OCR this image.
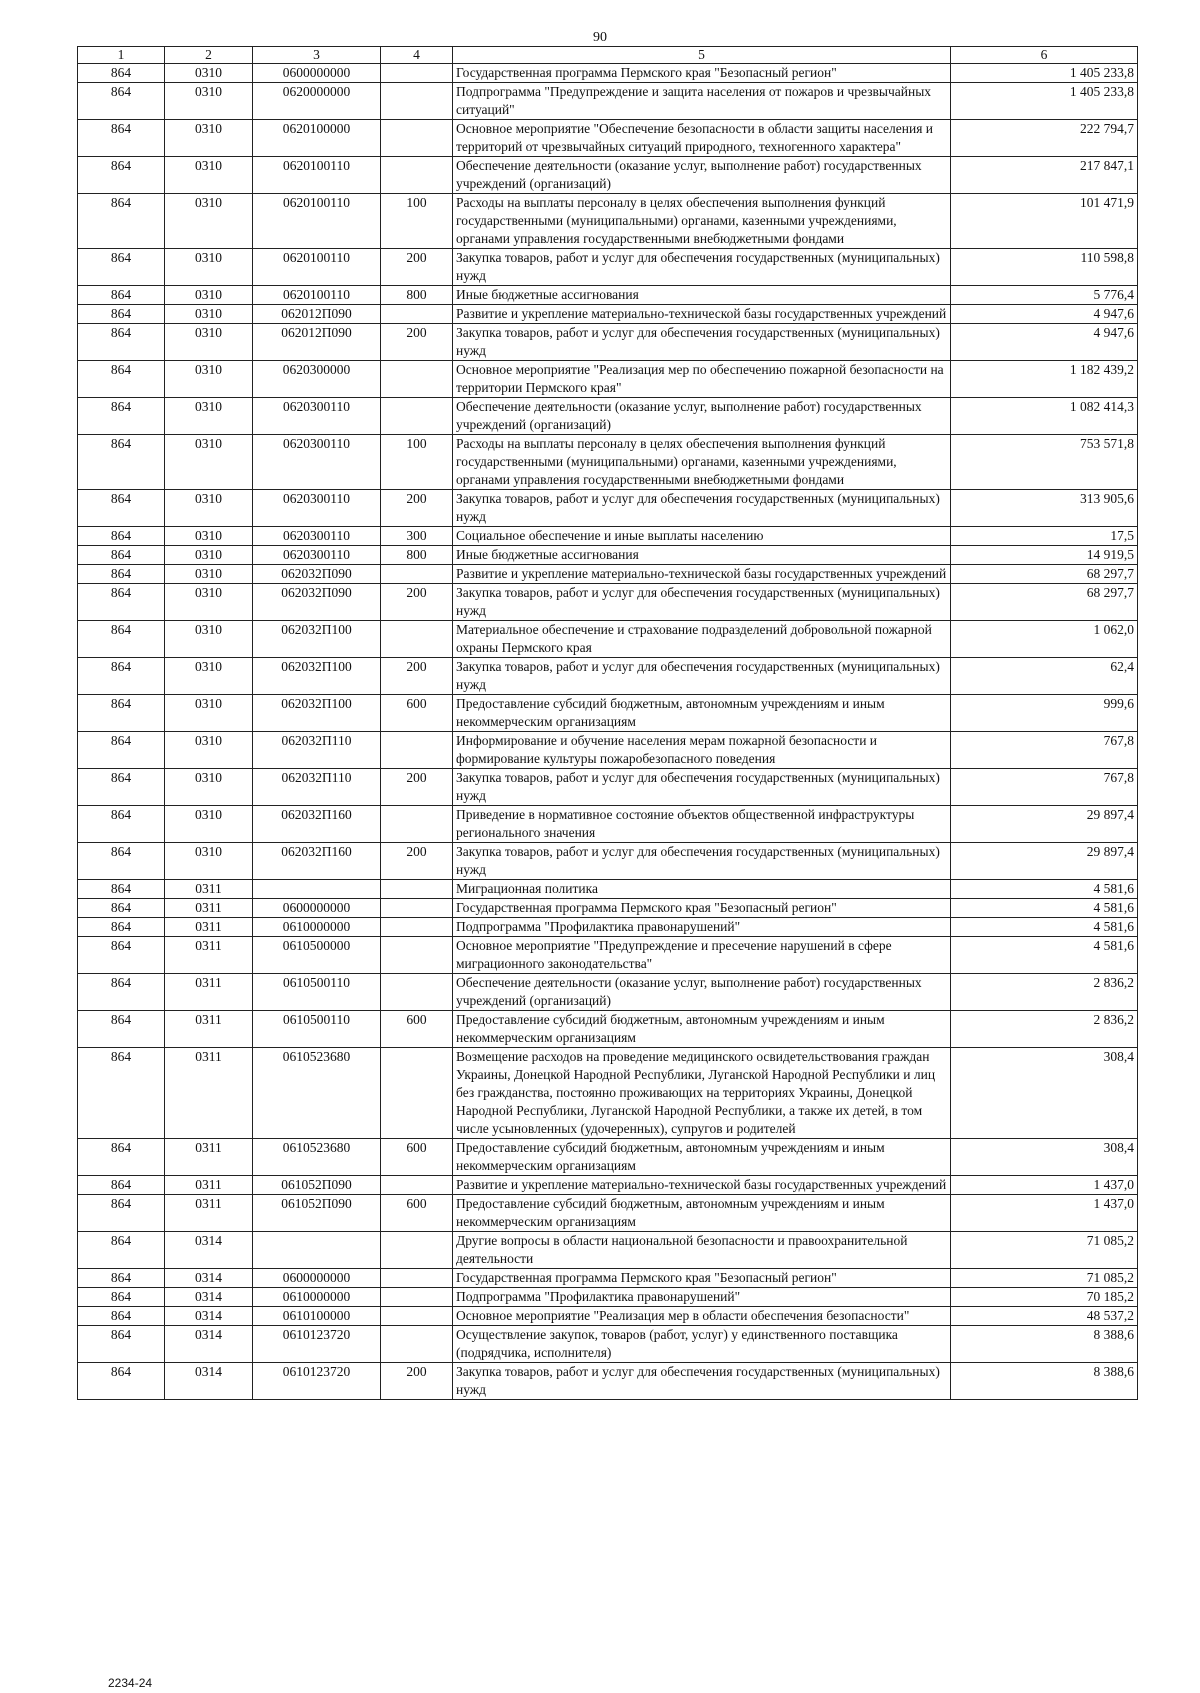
90
1	2	3	4	5	6
864	0310	0600000000		Государственная программа Пермского края "Безопасный регион"	1 405 233,8
864	0310	0620000000		Подпрограмма "Предупреждение и защита населения от пожаров и чрезвычайных ситуаций"	1 405 233,8
864	0310	0620100000		Основное мероприятие "Обеспечение безопасности в области защиты населения и территорий от чрезвычайных ситуаций природного, техногенного характера"	222 794,7
864	0310	0620100110		Обеспечение деятельности (оказание услуг, выполнение работ) государственных учреждений (организаций)	217 847,1
864	0310	0620100110	100	Расходы на выплаты персоналу в целях обеспечения выполнения функций государственными (муниципальными) органами, казенными учреждениями, органами управления государственными внебюджетными фондами	101 471,9
864	0310	0620100110	200	Закупка товаров, работ и услуг для обеспечения государственных (муниципальных) нужд	110 598,8
864	0310	0620100110	800	Иные бюджетные ассигнования	5 776,4
864	0310	062012П090		Развитие и укрепление материально-технической базы государственных учреждений	4 947,6
864	0310	062012П090	200	Закупка товаров, работ и услуг для обеспечения государственных (муниципальных) нужд	4 947,6
864	0310	0620300000		Основное мероприятие "Реализация мер по обеспечению пожарной безопасности на территории Пермского края"	1 182 439,2
864	0310	0620300110		Обеспечение деятельности (оказание услуг, выполнение работ) государственных учреждений (организаций)	1 082 414,3
864	0310	0620300110	100	Расходы на выплаты персоналу в целях обеспечения выполнения функций государственными (муниципальными) органами, казенными учреждениями, органами управления государственными внебюджетными фондами	753 571,8
864	0310	0620300110	200	Закупка товаров, работ и услуг для обеспечения государственных (муниципальных) нужд	313 905,6
864	0310	0620300110	300	Социальное обеспечение и иные выплаты населению	17,5
864	0310	0620300110	800	Иные бюджетные ассигнования	14 919,5
864	0310	062032П090		Развитие и укрепление материально-технической базы государственных учреждений	68 297,7
864	0310	062032П090	200	Закупка товаров, работ и услуг для обеспечения государственных (муниципальных) нужд	68 297,7
864	0310	062032П100		Материальное обеспечение и страхование подразделений добровольной пожарной охраны Пермского края	1 062,0
864	0310	062032П100	200	Закупка товаров, работ и услуг для обеспечения государственных (муниципальных) нужд	62,4
864	0310	062032П100	600	Предоставление субсидий бюджетным, автономным учреждениям и иным некоммерческим организациям	999,6
864	0310	062032П110		Информирование и обучение населения мерам пожарной безопасности и формирование культуры пожаробезопасного поведения	767,8
864	0310	062032П110	200	Закупка товаров, работ и услуг для обеспечения государственных (муниципальных) нужд	767,8
864	0310	062032П160		Приведение в нормативное состояние объектов общественной инфраструктуры регионального значения	29 897,4
864	0310	062032П160	200	Закупка товаров, работ и услуг для обеспечения государственных (муниципальных) нужд	29 897,4
864	0311			Миграционная политика	4 581,6
864	0311	0600000000		Государственная программа Пермского края "Безопасный регион"	4 581,6
864	0311	0610000000		Подпрограмма "Профилактика правонарушений"	4 581,6
864	0311	0610500000		Основное мероприятие "Предупреждение и пресечение нарушений в сфере миграционного законодательства"	4 581,6
864	0311	0610500110		Обеспечение деятельности (оказание услуг, выполнение работ) государственных учреждений (организаций)	2 836,2
864	0311	0610500110	600	Предоставление субсидий бюджетным, автономным учреждениям и иным некоммерческим организациям	2 836,2
864	0311	0610523680		Возмещение расходов на проведение медицинского освидетельствования граждан Украины, Донецкой Народной Республики, Луганской Народной Республики и лиц без гражданства, постоянно проживающих на территориях Украины, Донецкой Народной Республики, Луганской Народной Республики, а также их детей, в том числе усыновленных (удочеренных), супругов и родителей	308,4
864	0311	0610523680	600	Предоставление субсидий бюджетным, автономным учреждениям и иным некоммерческим организациям	308,4
864	0311	061052П090		Развитие и укрепление материально-технической базы государственных учреждений	1 437,0
864	0311	061052П090	600	Предоставление субсидий бюджетным, автономным учреждениям и иным некоммерческим организациям	1 437,0
864	0314			Другие вопросы в области национальной безопасности и правоохранительной деятельности	71 085,2
864	0314	0600000000		Государственная программа Пермского края "Безопасный регион"	71 085,2
864	0314	0610000000		Подпрограмма "Профилактика правонарушений"	70 185,2
864	0314	0610100000		Основное мероприятие "Реализация мер в области обеспечения безопасности"	48 537,2
864	0314	0610123720		Осуществление закупок, товаров (работ, услуг) у единственного поставщика (подрядчика, исполнителя)	8 388,6
864	0314	0610123720	200	Закупка товаров, работ и услуг для обеспечения государственных (муниципальных) нужд	8 388,6
2234-24
